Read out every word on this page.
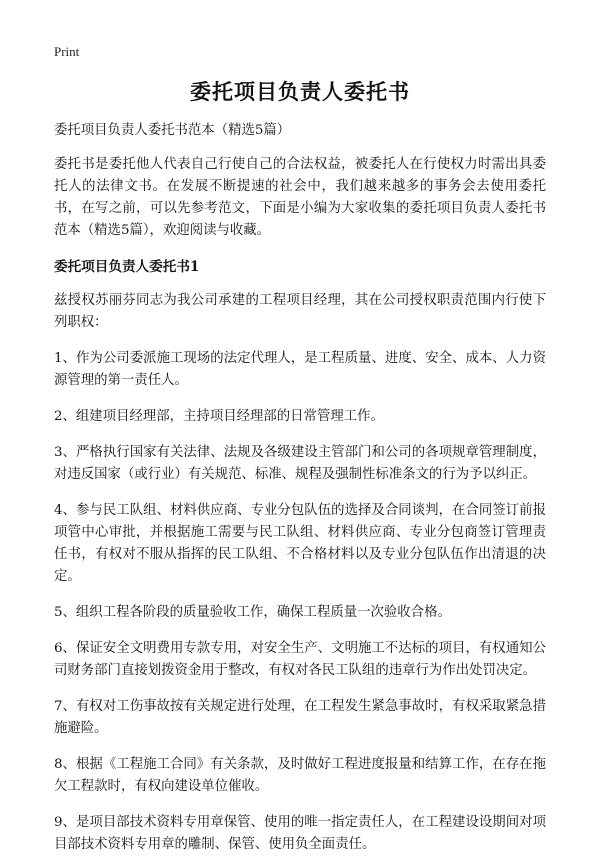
Print
委托项目负责人委托书

委托项目负责人委托书范本（精选5篇）

委托书是委托他人代表自己行使自己的合法权益，被委托人在行使权力时需出具委托人的法律文书。在发展不断提速的社会中，我们越来越多的事务会去使用委托书，在写之前，可以先参考范文，下面是小编为大家收集的委托项目负责人委托书范本（精选5篇），欢迎阅读与收藏。

委托项目负责人委托书1

兹授权苏丽芬同志为我公司承建的工程项目经理，其在公司授权职责范围内行使下列职权：

1、作为公司委派施工现场的法定代理人，是工程质量、进度、安全、成本、人力资源管理的第一责任人。
2、组建项目经理部，主持项目经理部的日常管理工作。
3、严格执行国家有关法律、法规及各级建设主管部门和公司的各项规章管理制度，对违反国家（或行业）有关规范、标准、规程及强制性标准条文的行为予以纠正。
4、参与民工队组、材料供应商、专业分包队伍的选择及合同谈判，在合同签订前报项管中心审批，并根据施工需要与民工队组、材料供应商、专业分包商签订管理责任书，有权对不服从指挥的民工队组、不合格材料以及专业分包队伍作出清退的决定。
5、组织工程各阶段的质量验收工作，确保工程质量一次验收合格。
6、保证安全文明费用专款专用，对安全生产、文明施工不达标的项目，有权通知公司财务部门直接划拨资金用于整改，有权对各民工队组的违章行为作出处罚决定。
7、有权对工伤事故按有关规定进行处理，在工程发生紧急事故时，有权采取紧急措施避险。
8、根据《工程施工合同》有关条款，及时做好工程进度报量和结算工作，在存在拖欠工程款时，有权向建设单位催收。
9、是项目部技术资料专用章保管、使用的唯一指定责任人，在工程建设设期间对项目部技术资料专用章的雕制、保管、使用负全面责任。
